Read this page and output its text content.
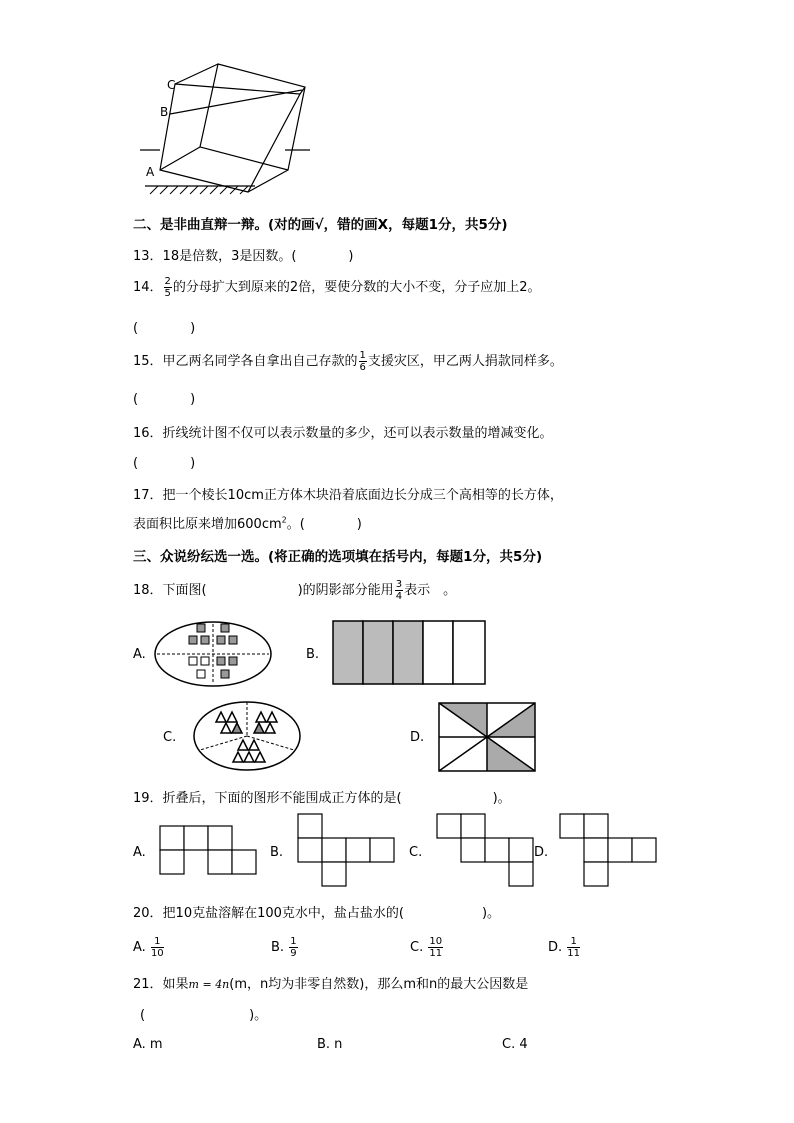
C
B
A
二、是非曲直辩一辩。(对的画√，错的画X，每题1分，共5分)
13．18是倍数，3是因数。(　　　　)
14． $\frac{2}{5}$ 的分母扩大到原来的2倍，要使分数的大小不变，分子应加上2。
(　　　　)
15．甲乙两名同学各自拿出自己存款的 $\frac{1}{6}$ 支援灾区，甲乙两人捐款同样多。
(　　　　)
16．折线统计图不仅可以表示数量的多少，还可以表示数量的增减变化。
(　　　　)
17．把一个棱长10cm正方体木块沿着底面边长分成三个高相等的长方体，
表面积比原来增加$600cm^2$。(　　　　)
三、众说纷纭选一选。(将正确的选项填在括号内，每题1分，共5分)
18．下面图(　　　　　　　)的阴影部分能用 $\frac{3}{4}$ 表示　。
A.	B.
C.	D.
19．折叠后，下面的图形不能围成正方体的是(　　　　　　　)。
A.	B.	C.	D.
20．把10克盐溶解在100克水中，盐占盐水的(　　　　　　)。
A. $\frac{1}{10}$	B. $\frac{1}{9}$	C. $\frac{10}{11}$	D. $\frac{1}{11}$
21．如果m = 4n(m，n均为非零自然数)，那么m和n的最大公因数是
(　　　　　　　　)。
A. m	B. n	C. 4
